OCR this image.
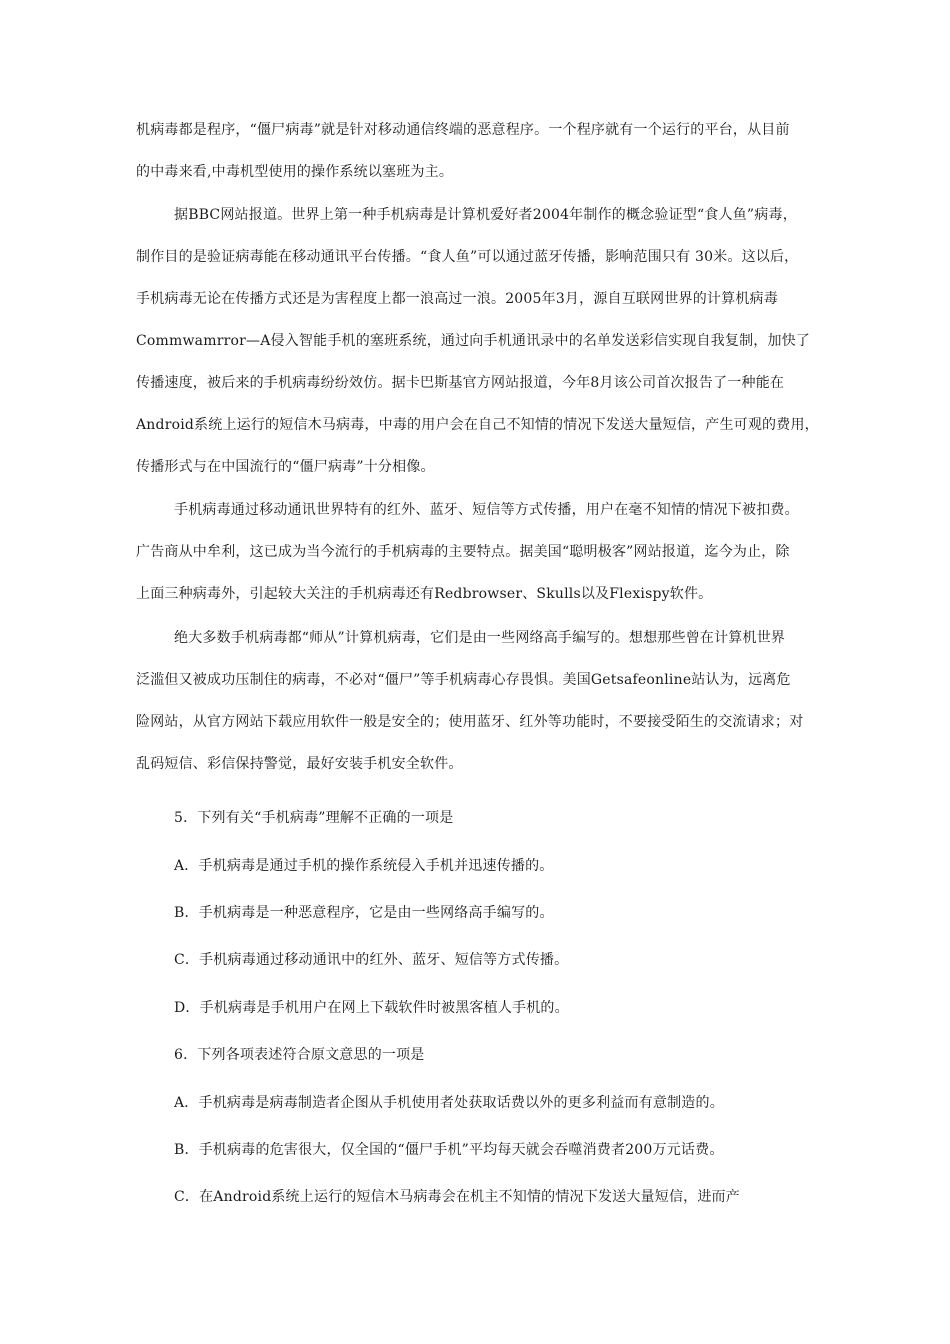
机病毒都是程序，“僵尸病毒”就是针对移动通信终端的恶意程序。一个程序就有一个运行的平台，从目前
的中毒来看,中毒机型使用的操作系统以塞班为主。
据BBC网站报道。世界上第一种手机病毒是计算机爱好者2004年制作的概念验证型“食人鱼”病毒，
制作目的是验证病毒能在移动通讯平台传播。“食人鱼”可以通过蓝牙传播，影响范围只有 30米。这以后，
手机病毒无论在传播方式还是为害程度上都一浪高过一浪。2005年3月，源自互联网世界的计算机病毒
Commwamrror—A侵入智能手机的塞班系统，通过向手机通讯录中的名单发送彩信实现自我复制，加快了
传播速度，被后来的手机病毒纷纷效仿。据卡巴斯基官方网站报道，今年8月该公司首次报告了一种能在
Android系统上运行的短信木马病毒，中毒的用户会在自己不知情的情况下发送大量短信，产生可观的费用，
传播形式与在中国流行的“僵尸病毒”十分相像。
手机病毒通过移动通讯世界特有的红外、蓝牙、短信等方式传播，用户在毫不知情的情况下被扣费。
广告商从中牟利，这已成为当今流行的手机病毒的主要特点。据美国“聪明极客”网站报道，迄今为止，除
上面三种病毒外，引起较大关注的手机病毒还有Redbrowser、Skulls以及Flexispy软件。
绝大多数手机病毒都“师从”计算机病毒，它们是由一些网络高手编写的。想想那些曾在计算机世界
泛滥但又被成功压制住的病毒，不必对“僵尸”等手机病毒心存畏惧。美国Getsafeonline站认为，远离危
险网站，从官方网站下载应用软件一般是安全的；使用蓝牙、红外等功能时，不要接受陌生的交流请求；对
乱码短信、彩信保持警觉，最好安装手机安全软件。
5．下列有关“手机病毒”理解不正确的一项是
A．手机病毒是通过手机的操作系统侵入手机并迅速传播的。
B．手机病毒是一种恶意程序，它是由一些网络高手编写的。
C．手机病毒通过移动通讯中的红外、蓝牙、短信等方式传播。
D．手机病毒是手机用户在网上下载软件时被黑客植人手机的。
6．下列各项表述符合原文意思的一项是
A．手机病毒是病毒制造者企图从手机使用者处获取话费以外的更多利益而有意制造的。
B．手机病毒的危害很大，仅全国的“僵尸手机”平均每天就会吞噬消费者200万元话费。
C．在Android系统上运行的短信木马病毒会在机主不知情的情况下发送大量短信，进而产
